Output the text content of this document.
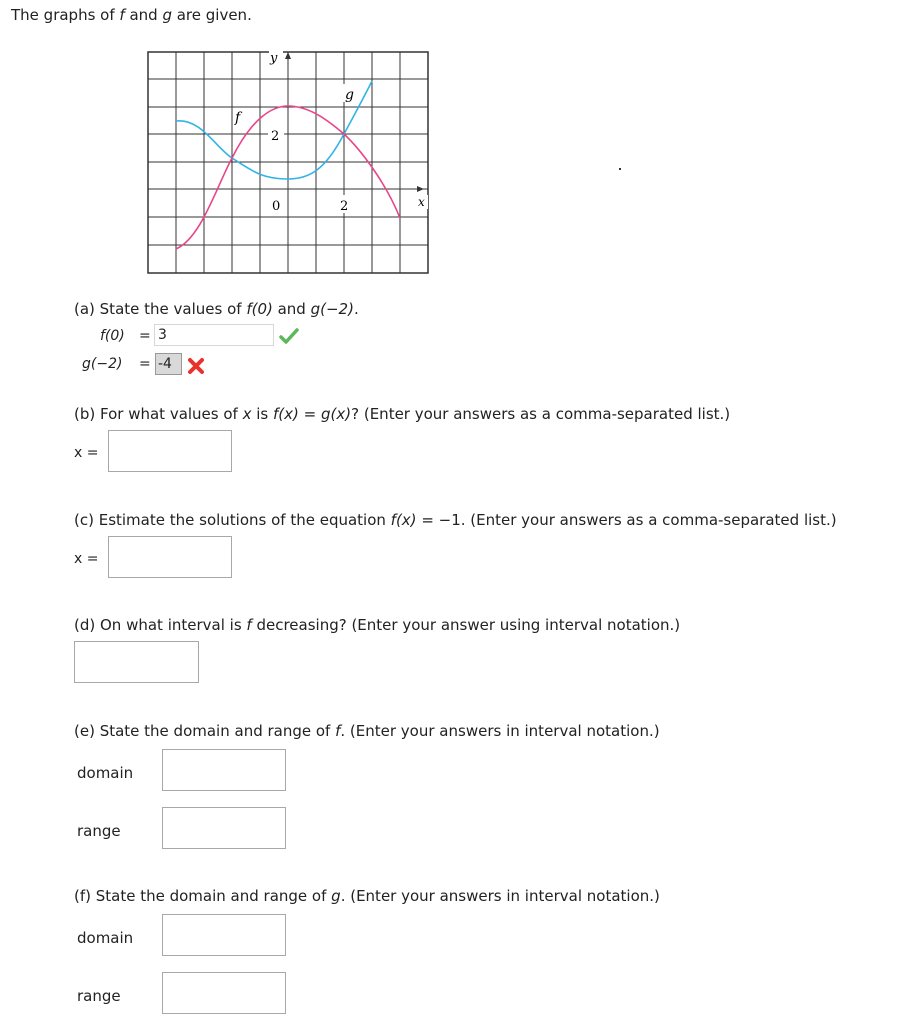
The graphs of f and g are given.
y
x
f
g
2
0	2
(a) State the values of f(0) and g(−2).
f(0) = 3
g(−2) = -4
(b) For what values of x is f(x) = g(x)? (Enter your answers as a comma-separated list.)
x =
(c) Estimate the solutions of the equation f(x) = −1. (Enter your answers as a comma-separated list.)
x =
(d) On what interval is f decreasing? (Enter your answer using interval notation.)
(e) State the domain and range of f. (Enter your answers in interval notation.)
domain
range
(f) State the domain and range of g. (Enter your answers in interval notation.)
domain
range
